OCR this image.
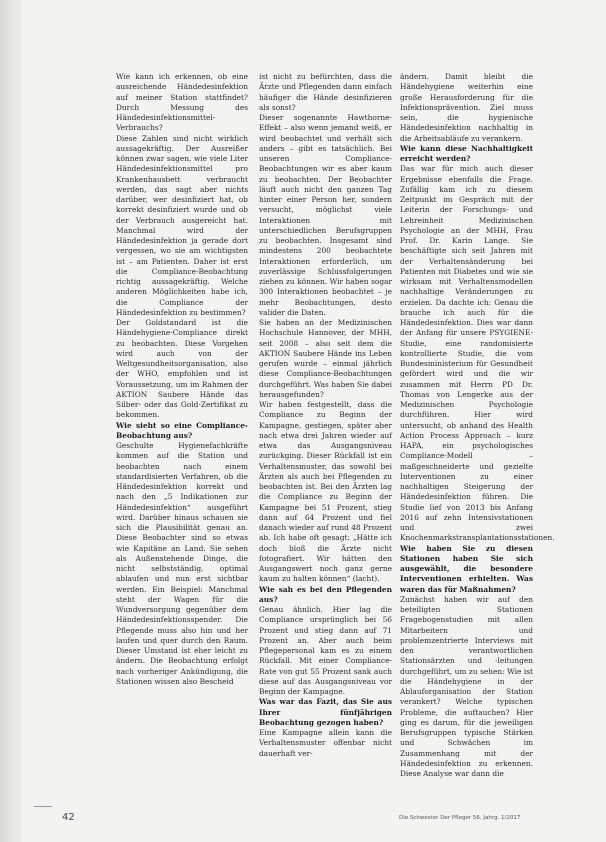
Wie kann ich erkennen, ob eine ausreichende Händedesinfektion auf meiner Station stattfindet? Durch Messung des Händedesinfektionsmittel-Verbrauchs?

Diese Zahlen sind nicht wirklich aussagekräftig. Der Ausreißer können zwar sagen, wie viele Liter Händedesinfektionsmittel pro Krankenhausbett verbraucht werden, das sagt aber nichts darüber, wer desinfiziert hat, ob korrekt desinfiziert wurde und ob der Verbrauch ausgereicht hat. Manchmal wird der Händedesinfektion ja gerade dort vergessen, wo sie am wichtigsten ist – am Patienten. Daher ist erst die Compliance-Beobachtung richtig aussagekräftig. Welche anderen Möglichkeiten habe ich, die Compliance der Händedesinfektion zu bestimmen?

Der Goldstandard ist die Händehygiene-Compliance direkt zu beobachten. Diese Vorgehen wird auch von der Weltgesundheitsorganisation, also der WHO, empfohlen und ist Voraussetzung, um im Rahmen der AKTION Saubere Hände das Silber- oder das Gold-Zertifikat zu bekommen.

Wie sieht so eine Compliance-Beobachtung aus?

Geschulte Hygienefachkräfte kommen auf die Station und beobachten nach einem standardisierten Verfahren, ob die Händedesinfektion korrekt und nach den „5 Indikationen zur Händedesinfektion“ ausgeführt wird. Darüber hinaus schauen sie sich die Plausibilität genau an. Diese Beobachter sind so etwas wie Kapitäne an Land. Sie sehen als Außenstehende Dinge, die nicht selbstständig, optimal ablaufen und nun erst sichtbar werden. Ein Beispiel: Manchmal steht der Wagen für die Wundversorgung gegenüber dem Händedesinfektionsspender. Die Pflegende muss also hin und her laufen und quer durch den Raum. Dieser Umstand ist eher leicht zu ändern. Die Beobachtung erfolgt nach vorheriger Ankündigung, die Stationen wissen also Bescheid

ist nicht zu befürchten, dass die Ärzte und Pflegenden dann einfach häufiger die Hände desinfizieren als sonst?

Dieser sogenannte Hawthorne-Effekt – also wenn jemand weiß, er wird beobachtet und verhält sich anders – gibt es tatsächlich. Bei unseren Compliance-Beobachtungen wir es aber kaum zu beobachten. Der Beobachter läuft auch nicht den ganzen Tag hinter einer Person her, sondern versucht, möglichst viele Interaktionen mit unterschiedlichen Berufsgruppen zu beobachten. Insgesamt sind mindestens 200 beobachtete Interaktionen erforderlich, um zuverlässige Schlussfolgerungen ziehen zu können. Wir haben sogar 300 Interaktionen beobachtet – je mehr Beobachtungen, desto valider die Daten.

Sie haben an der Medizinischen Hochschule Hannover, der MHH, seit 2008 – also seit dem die AKTION Saubere Hände ins Leben gerufen wurde – einmal jährlich diese Compliance-Beobachtungen durchgeführt. Was haben Sie dabei herausgefunden?

Wir haben festgestellt, dass die Compliance zu Beginn der Kampagne, gestiegen, später aber nach etwa drei Jahren wieder auf etwa das Ausgangsniveau zurückging. Dieser Rückfall ist ein Verhaltensmuster, das sowohl bei Ärzten als auch bei Pflegenden zu beobachten ist. Bei den Ärzten lag die Compliance zu Beginn der Kampagne bei 51 Prozent, stieg dann auf 64 Prozent und fiel danach wieder auf rund 48 Prozent ab. Ich habe oft gesagt: „Hätte ich doch bloß die Ärzte nicht fotografiert. Wir hätten den Ausgangswert noch ganz gerne kaum zu halten können“ (lacht).

Wie sah es bei den Pflegenden aus?

Genau ähnlich. Hier lag die Compliance ursprünglich bei 56 Prozent und stieg dann auf 71 Prozent an. Aber auch beim Pflegepersonal kam es zu einem Rückfall. Mit einer Compliance-Rate von gut 55 Prozent sank auch diese auf das Ausgangsniveau vor Beginn der Kampagne.

Was war das Fazit, das Sie aus Ihrer fünfjährigen Beobachtung gezogen haben?

Eine Kampagne allein kann die Verhaltensmuster offenbar nicht dauerhaft ver-

ändern. Damit bleibt die Händehygiene weiterhin eine große Herausforderung für die Infektionsprävention. Ziel muss sein, die hygienische Händedesinfektion nachhaltig in die Arbeitsabläufe zu verankern.

Wie kann diese Nachhaltigkeit erreicht werden?

Das war für mich auch dieser Ergebnisse ebenfalls die Frage. Zufällig kam ich zu diesem Zeitpunkt im Gespräch mit der Leiterin der Forschungs- und Lehreinheit Medizinischen Psychologie an der MHH, Frau Prof. Dr. Karin Lange. Sie beschäftigte sich seit Jahren mit der Verhaltensänderung bei Patienten mit Diabetes und wie sie wirksam mit Verhaltensmodellen nachhaltige Veränderungen zu erzielen. Da dachte ich: Genau die brauche ich auch für die Händedesinfektion. Dies war dann der Anfang für unsere PSYGIENE-Studie, eine randomisierte kontrollierte Studie, die vom Bundesministerium für Gesundheit gefördert wird und die wir zusammen mit Herrn PD Dr. Thomas von Lengerke aus der Medizinischen Psychologie durchführen. Hier wird untersucht, ob anhand des Health Action Process Approach – kurz HAPA, ein psychologisches Compliance-Modell – maßgeschneiderte und gezielte Interventionen zu einer nachhaltigen Steigerung der Händedesinfektion führen. Die Studie lief von 2013 bis Anfang 2016 auf zehn Intensivstationen und zwei Knochenmarkstransplantationsstationen.

Wie haben Sie zu diesen Stationen haben Sie sich ausgewählt, die besondere Interventionen erhielten. Was waren das für Maßnahmen?

Zunächst haben wir auf den beteiligten Stationen Fragebogenstudien mit allen Mitarbeitern und problemzentrierte Interviews mit den verantwortlichen Stationsärzten und -leitungen durchgeführt, um zu sehen: Wie ist die Händehygiene in der Ablauforganisation der Station verankert? Welche typischen Probleme, die auftauchen? Hier ging es darum, für die jeweiligen Berufsgruppen typische Stärken und Schwächen im Zusammenhang mit der Händedesinfektion zu erkennen. Diese Analyse war dann die

42	Die Schwester Der Pfleger 56. Jahrg. 1/2017
